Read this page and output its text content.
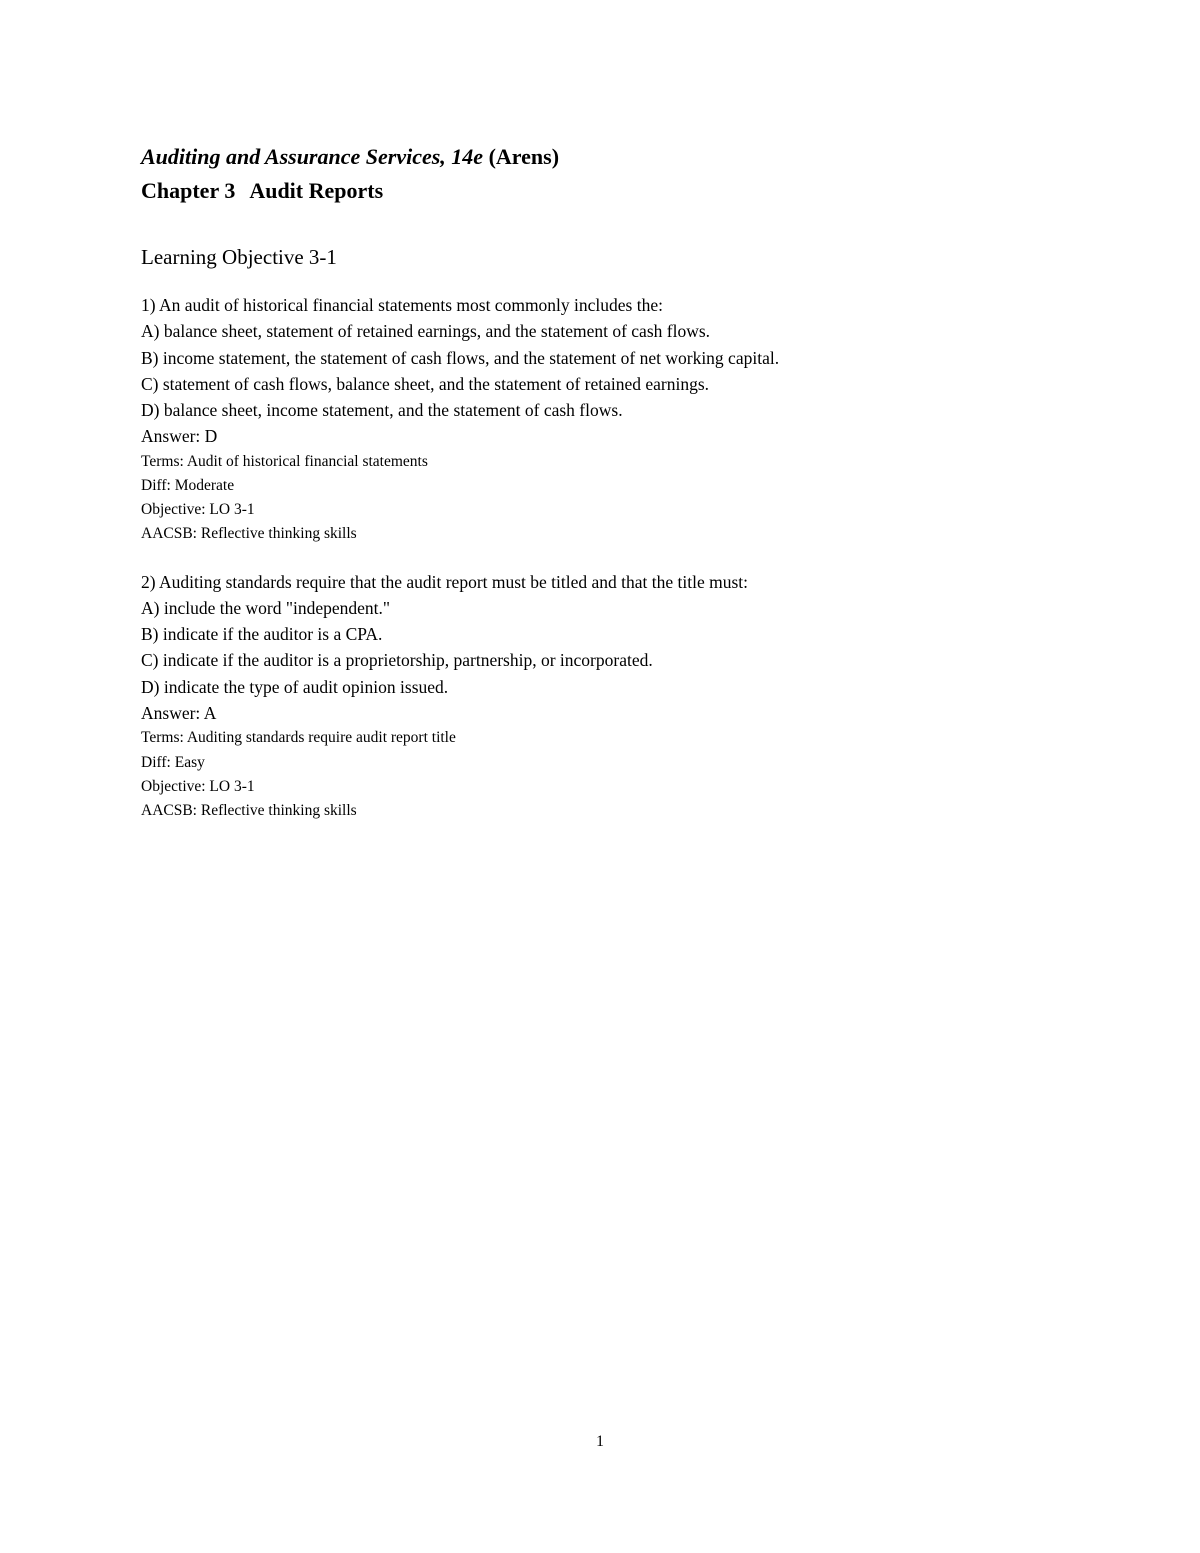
Auditing and Assurance Services, 14e (Arens)
Chapter 3 Audit Reports
Learning Objective 3-1
1) An audit of historical financial statements most commonly includes the:
A) balance sheet, statement of retained earnings, and the statement of cash flows.
B) income statement, the statement of cash flows, and the statement of net working capital.
C) statement of cash flows, balance sheet, and the statement of retained earnings.
D) balance sheet, income statement, and the statement of cash flows.
Answer: D
Terms: Audit of historical financial statements
Diff: Moderate
Objective: LO 3-1
AACSB: Reflective thinking skills
2) Auditing standards require that the audit report must be titled and that the title must:
A) include the word "independent."
B) indicate if the auditor is a CPA.
C) indicate if the auditor is a proprietorship, partnership, or incorporated.
D) indicate the type of audit opinion issued.
Answer: A
Terms: Auditing standards require audit report title
Diff: Easy
Objective: LO 3-1
AACSB: Reflective thinking skills
1
